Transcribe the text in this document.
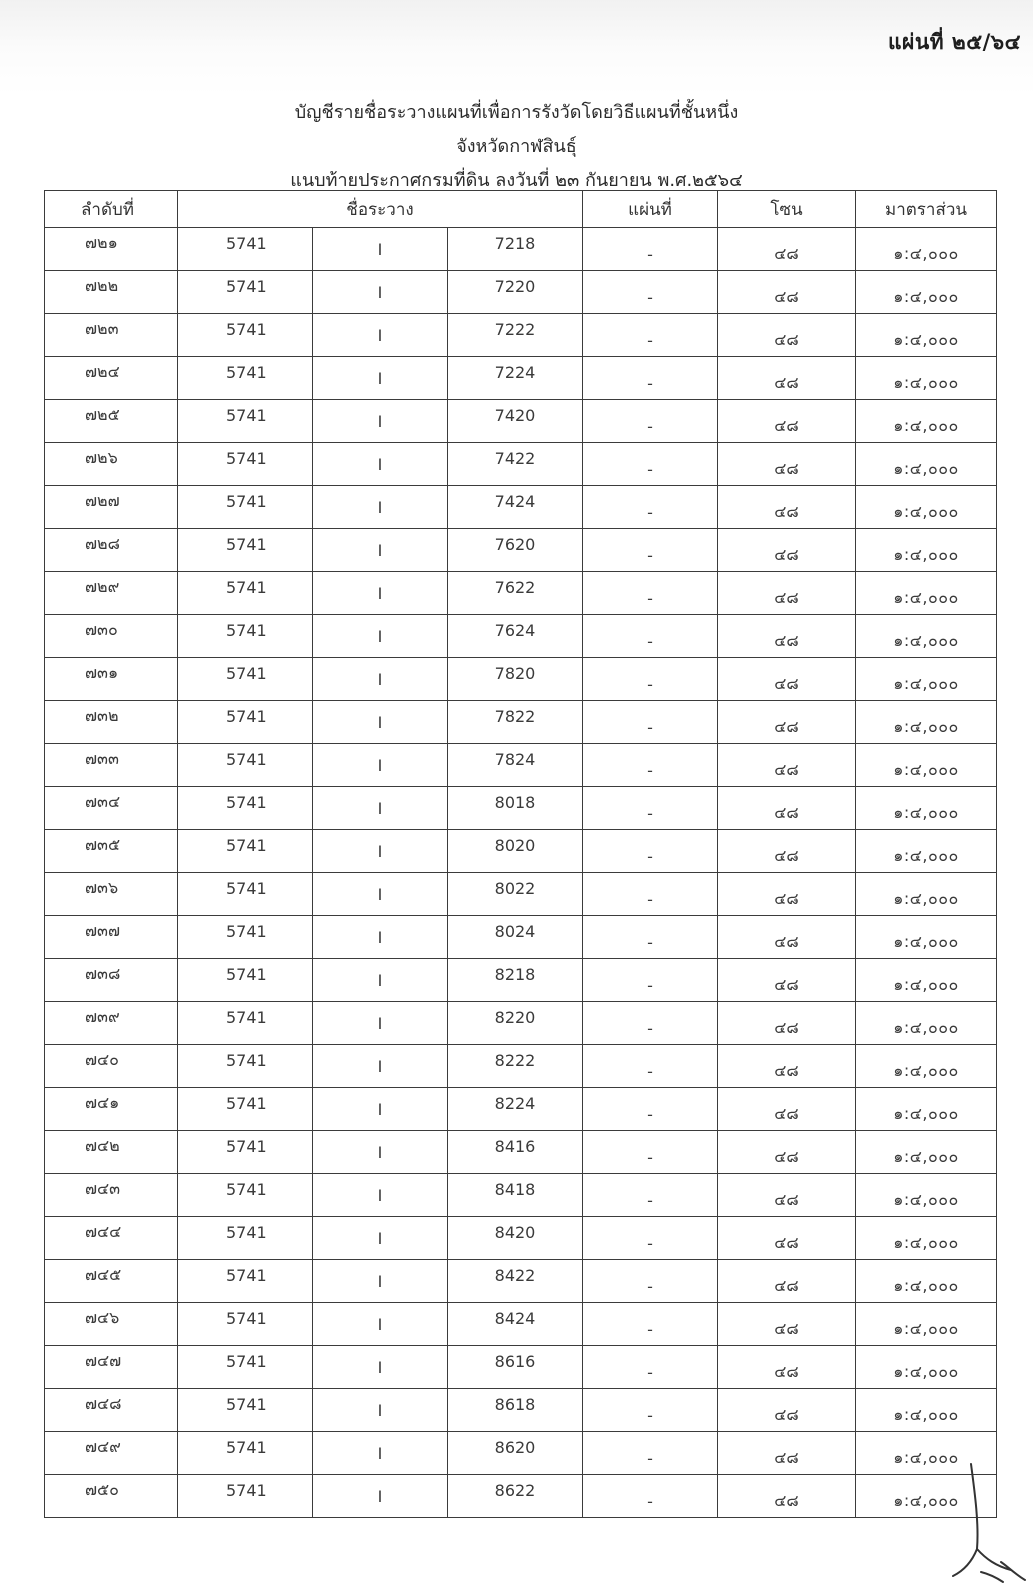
แผ่นที่ ๒๕/๖๔
บัญชีรายชื่อระวางแผนที่เพื่อการรังวัดโดยวิธีแผนที่ชั้นหนึ่ง
จังหวัดกาฬสินธุ์
แนบท้ายประกาศกรมที่ดิน ลงวันที่ ๒๓ กันยายน พ.ศ.๒๕๖๔
ลำดับที่	ชื่อระวาง			แผ่นที่	โซน	มาตราส่วน
๗๒๑	5741	I	7218	-	๔๘	๑:๔,๐๐๐
๗๒๒	5741	I	7220	-	๔๘	๑:๔,๐๐๐
๗๒๓	5741	I	7222	-	๔๘	๑:๔,๐๐๐
๗๒๔	5741	I	7224	-	๔๘	๑:๔,๐๐๐
๗๒๕	5741	I	7420	-	๔๘	๑:๔,๐๐๐
๗๒๖	5741	I	7422	-	๔๘	๑:๔,๐๐๐
๗๒๗	5741	I	7424	-	๔๘	๑:๔,๐๐๐
๗๒๘	5741	I	7620	-	๔๘	๑:๔,๐๐๐
๗๒๙	5741	I	7622	-	๔๘	๑:๔,๐๐๐
๗๓๐	5741	I	7624	-	๔๘	๑:๔,๐๐๐
๗๓๑	5741	I	7820	-	๔๘	๑:๔,๐๐๐
๗๓๒	5741	I	7822	-	๔๘	๑:๔,๐๐๐
๗๓๓	5741	I	7824	-	๔๘	๑:๔,๐๐๐
๗๓๔	5741	I	8018	-	๔๘	๑:๔,๐๐๐
๗๓๕	5741	I	8020	-	๔๘	๑:๔,๐๐๐
๗๓๖	5741	I	8022	-	๔๘	๑:๔,๐๐๐
๗๓๗	5741	I	8024	-	๔๘	๑:๔,๐๐๐
๗๓๘	5741	I	8218	-	๔๘	๑:๔,๐๐๐
๗๓๙	5741	I	8220	-	๔๘	๑:๔,๐๐๐
๗๔๐	5741	I	8222	-	๔๘	๑:๔,๐๐๐
๗๔๑	5741	I	8224	-	๔๘	๑:๔,๐๐๐
๗๔๒	5741	I	8416	-	๔๘	๑:๔,๐๐๐
๗๔๓	5741	I	8418	-	๔๘	๑:๔,๐๐๐
๗๔๔	5741	I	8420	-	๔๘	๑:๔,๐๐๐
๗๔๕	5741	I	8422	-	๔๘	๑:๔,๐๐๐
๗๔๖	5741	I	8424	-	๔๘	๑:๔,๐๐๐
๗๔๗	5741	I	8616	-	๔๘	๑:๔,๐๐๐
๗๔๘	5741	I	8618	-	๔๘	๑:๔,๐๐๐
๗๔๙	5741	I	8620	-	๔๘	๑:๔,๐๐๐
๗๕๐	5741	I	8622	-	๔๘	๑:๔,๐๐๐
